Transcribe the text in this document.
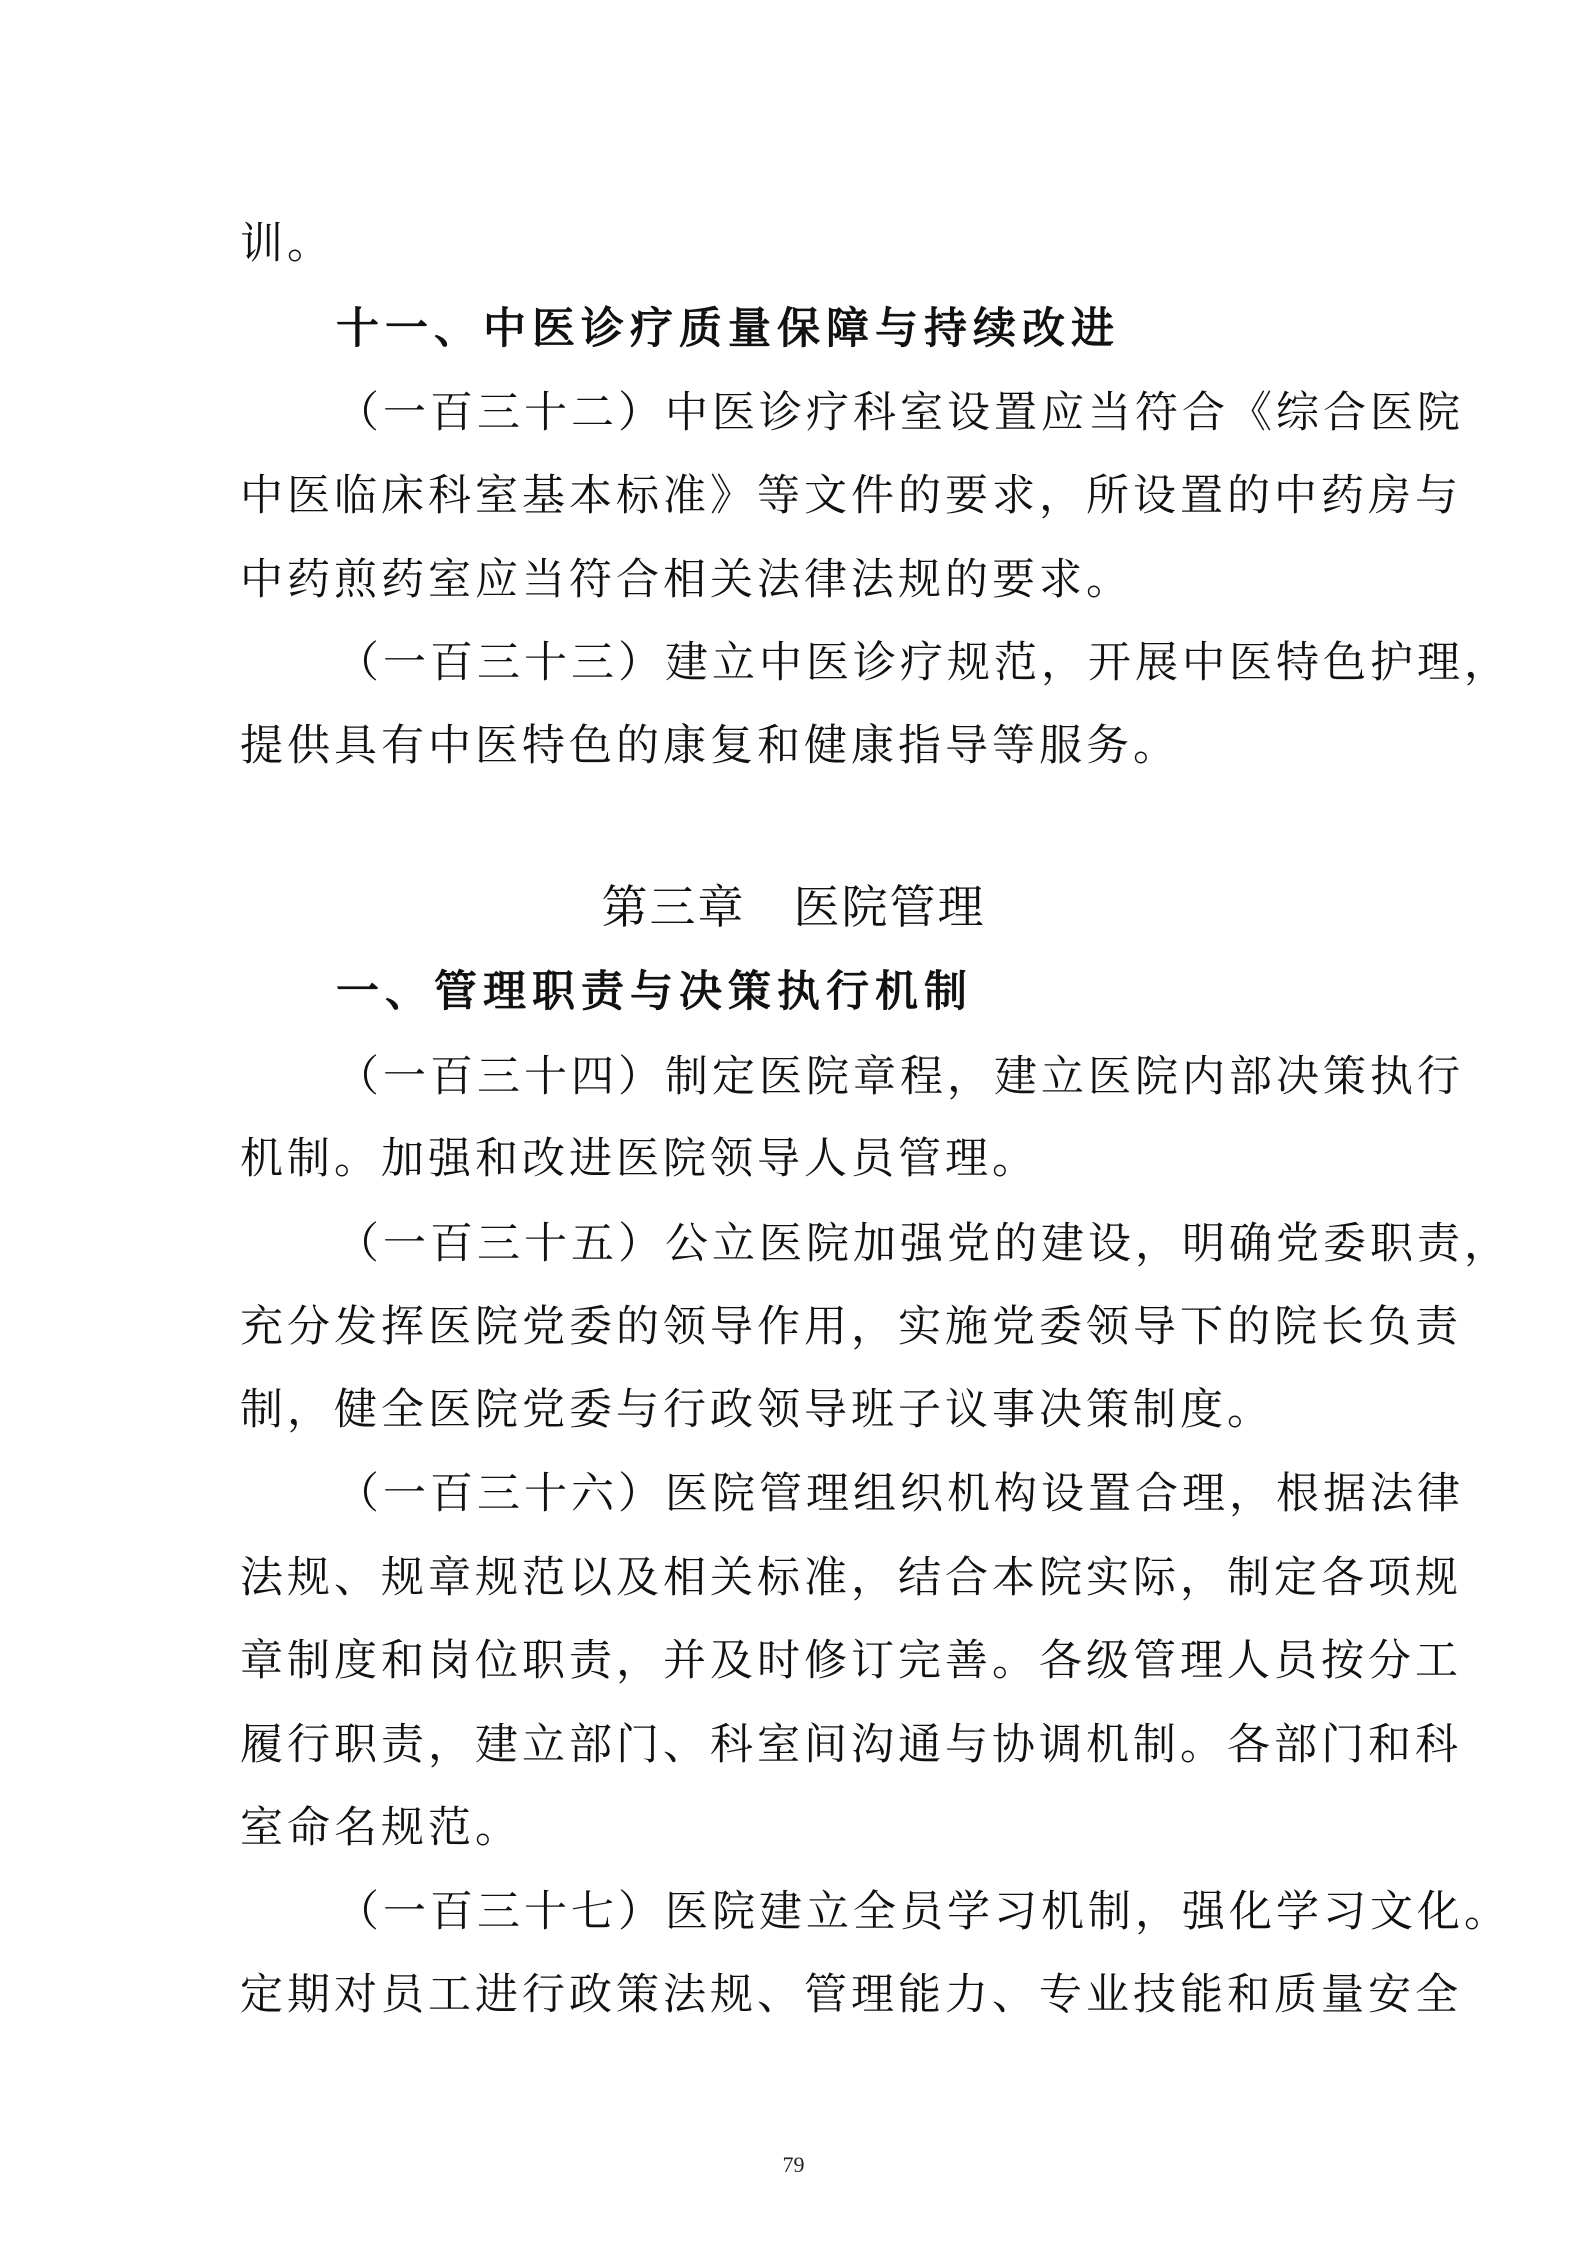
训。
十一、中医诊疗质量保障与持续改进
（一百三十二）中医诊疗科室设置应当符合《综合医院
中医临床科室基本标准》等文件的要求，所设置的中药房与
中药煎药室应当符合相关法律法规的要求。
（一百三十三）建立中医诊疗规范，开展中医特色护理，
提供具有中医特色的康复和健康指导等服务。
第三章　医院管理
一、管理职责与决策执行机制
（一百三十四）制定医院章程，建立医院内部决策执行
机制。加强和改进医院领导人员管理。
（一百三十五）公立医院加强党的建设，明确党委职责，
充分发挥医院党委的领导作用，实施党委领导下的院长负责
制，健全医院党委与行政领导班子议事决策制度。
（一百三十六）医院管理组织机构设置合理，根据法律
法规、规章规范以及相关标准，结合本院实际，制定各项规
章制度和岗位职责，并及时修订完善。各级管理人员按分工
履行职责，建立部门、科室间沟通与协调机制。各部门和科
室命名规范。
（一百三十七）医院建立全员学习机制，强化学习文化。
定期对员工进行政策法规、管理能力、专业技能和质量安全
79
